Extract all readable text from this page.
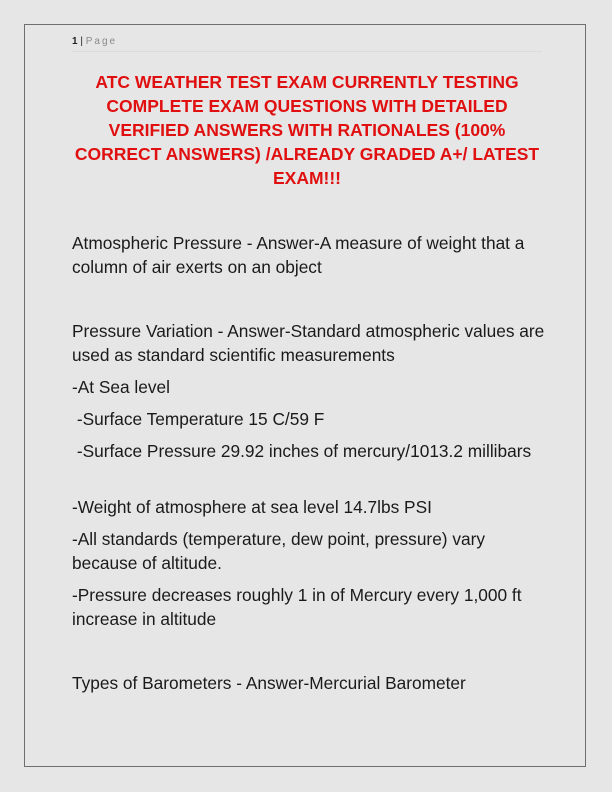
1 | Page
ATC WEATHER TEST EXAM CURRENTLY TESTING COMPLETE EXAM QUESTIONS WITH DETAILED VERIFIED ANSWERS WITH RATIONALES (100% CORRECT ANSWERS) /ALREADY GRADED A+/ LATEST EXAM!!!
Atmospheric Pressure - Answer-A measure of weight that a column of air exerts on an object
Pressure Variation - Answer-Standard atmospheric values are used as standard scientific measurements
-At Sea level
-Surface Temperature 15 C/59 F
-Surface Pressure 29.92 inches of mercury/1013.2 millibars
-Weight of atmosphere at sea level 14.7lbs PSI
-All standards (temperature, dew point, pressure) vary because of altitude.
-Pressure decreases roughly 1 in of Mercury every 1,000 ft increase in altitude
Types of Barometers - Answer-Mercurial Barometer
